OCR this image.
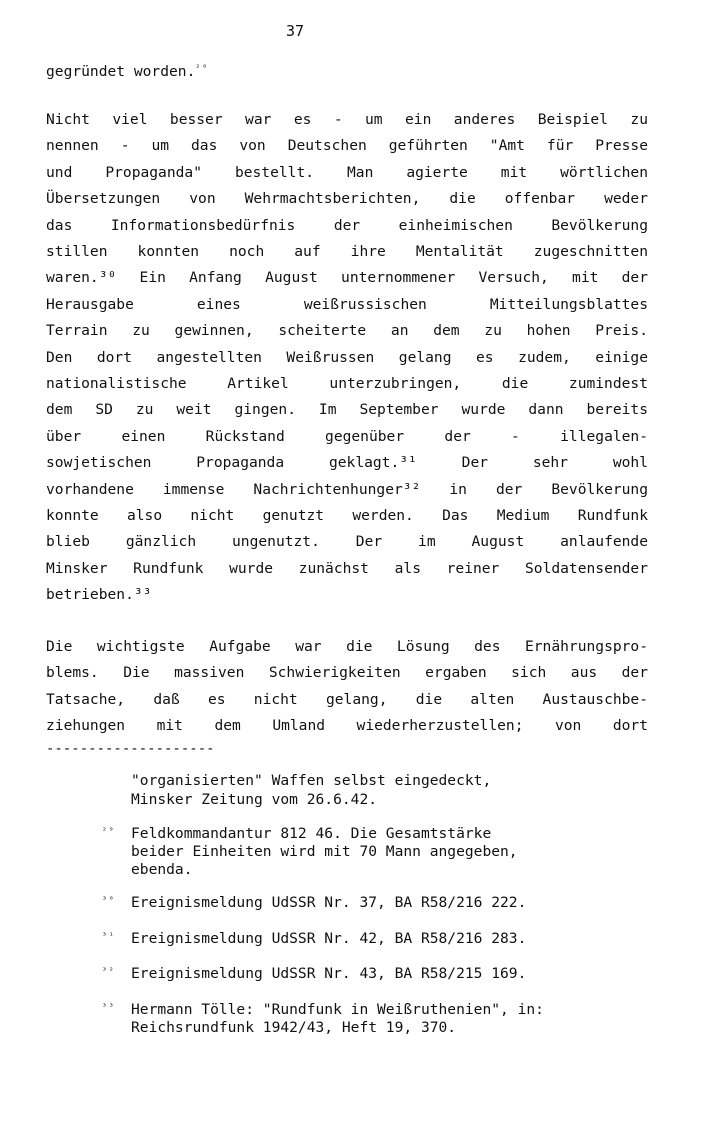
37
gegründet worden.$^{^{28}}$
Nicht viel besser war es - um ein anderes Beispiel zu
nennen - um das von Deutschen geführten "Amt für Presse
und Propaganda" bestellt. Man agierte mit wörtlichen
Übersetzungen von Wehrmachtsberichten, die offenbar weder
das Informationsbedürfnis der einheimischen Bevölkerung
stillen konnten noch auf ihre Mentalität zugeschnitten
waren.³⁰ Ein Anfang August unternommener Versuch, mit der
Herausgabe eines weißrussischen Mitteilungsblattes
Terrain zu gewinnen, scheiterte an dem zu hohen Preis.
Den dort angestellten Weißrussen gelang es zudem, einige
nationalistische Artikel unterzubringen, die zumindest
dem SD zu weit gingen. Im September wurde dann bereits
über einen Rückstand gegenüber der - illegalen-
sowjetischen Propaganda geklagt.³¹ Der sehr wohl
vorhandene immense Nachrichtenhunger³² in der Bevölkerung
konnte also nicht genutzt werden. Das Medium Rundfunk
blieb gänzlich ungenutzt. Der im August anlaufende
Minsker Rundfunk wurde zunächst als reiner Soldatensender
betrieben.³³
Die wichtigste Aufgabe war die Lösung des Ernährungspro-
blems. Die massiven Schwierigkeiten ergaben sich aus der
Tatsache, daß es nicht gelang, die alten Austauschbe-
ziehungen mit dem Umland wiederherzustellen; von dort
--------------------
"organisierten" Waffen selbst eingedeckt,
Minsker Zeitung vom 26.6.42.
²⁹ Feldkommandantur 812 46. Die Gesamtstärke
beider Einheiten wird mit 70 Mann angegeben,
ebenda.
³⁰ Ereignismeldung UdSSR Nr. 37, BA R58/216 222.
³¹ Ereignismeldung UdSSR Nr. 42, BA R58/216 283.
³² Ereignismeldung UdSSR Nr. 43, BA R58/215 169.
³³ Hermann Tölle: "Rundfunk in Weißruthenien", in:
Reichsrundfunk 1942/43, Heft 19, 370.
